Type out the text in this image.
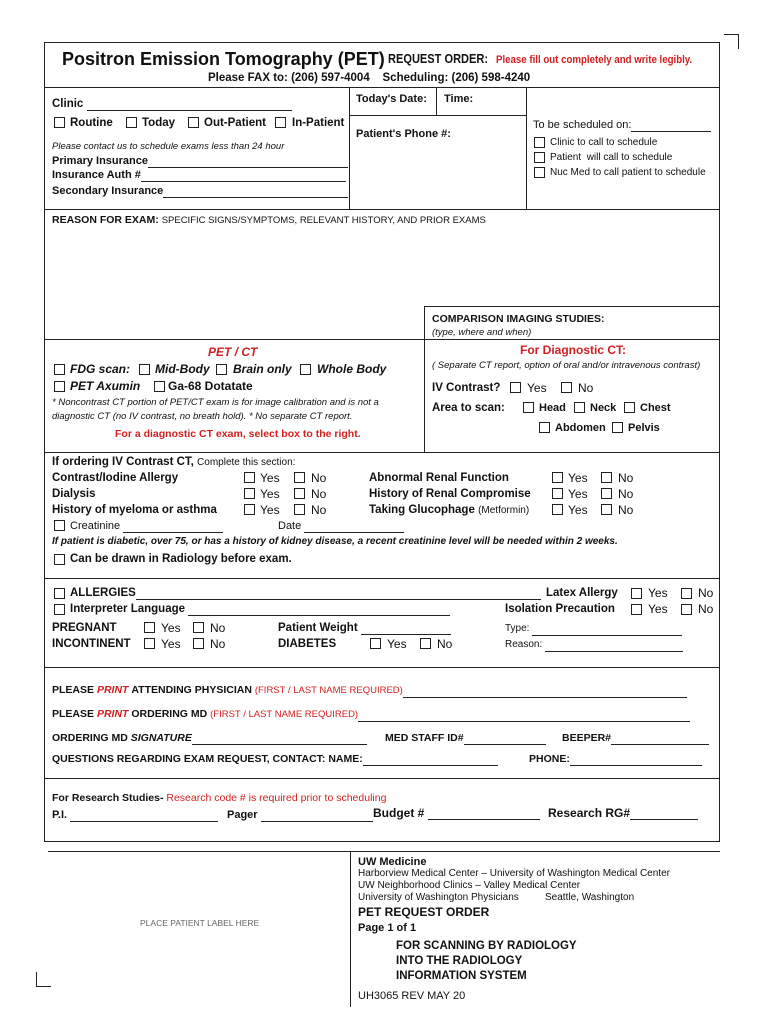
Positron Emission Tomography (PET) REQUEST ORDER: Please fill out completely and write legibly.
Please FAX to: (206) 597-4004    Scheduling: (206) 598-4240
Clinic
Routine	Today	Out-Patient In-Patient
Please contact us to schedule exams less than 24 hour
Primary Insurance
Insurance Auth #
Secondary Insurance
Today's Date: Time:
Patient's Phone #:
To be scheduled on:
Clinic to call to schedule
Patient  will call to schedule
Nuc Med to call patient to schedule
REASON FOR EXAM: SPECIFIC SIGNS/SYMPTOMS, RELEVANT HISTORY, AND PRIOR EXAMS
COMPARISON IMAGING STUDIES:
(type, where and when)
PET / CT
FDG scan: Mid-Body Brain only Whole Body
PET Axumin Ga-68 Dotatate
* Noncontrast CT portion of PET/CT exam is for image calibration and is not a
diagnostic CT (no IV contrast, no breath hold). * No separate CT report.
For a diagnostic CT exam, select box to the right.
For Diagnostic CT:
( Separate CT report, option of oral and/or intravenous contrast)
IV Contrast? Yes	No
Area to scan:	Head Neck Chest
Abdomen Pelvis
If ordering IV Contrast CT, Complete this section:
Contrast/Iodine Allergy	Yes	No
Dialysis	Yes	No
History of myeloma or asthma	Yes	No
Abnormal Renal Function	Yes	No
History of Renal Compromise	Yes	No
Taking Glucophage (Metformin)	Yes	No
Creatinine	Date
If patient is diabetic, over 75, or has a history of kidney disease, a recent creatinine level will be needed within 2 weeks.
Can be drawn in Radiology before exam.
ALLERGIES	Latex Allergy	Yes	No
Interpreter Language	Isolation Precaution	Yes	No
PREGNANT	Yes No
INCONTINENT	Yes No
Patient Weight
DIABETES	Yes	No
Type:
Reason:
PLEASE PRINT ATTENDING PHYSICIAN (FIRST / LAST NAME REQUIRED)
PLEASE PRINT ORDERING MD (FIRST / LAST NAME REQUIRED)
ORDERING MD SIGNATURE	MED STAFF ID#	BEEPER#
QUESTIONS REGARDING EXAM REQUEST, CONTACT: NAME:	PHONE:
For Research Studies- Research code # is required prior to scheduling
P.I.	Pager	Budget #	Research RG#
PLACE PATIENT LABEL HERE
UW Medicine
Harborview Medical Center – University of Washington Medical Center
UW Neighborhood Clinics – Valley Medical Center
University of Washington Physicians	Seattle, Washington
PET REQUEST ORDER
Page 1 of 1
FOR SCANNING BY RADIOLOGY
INTO THE RADIOLOGY
INFORMATION SYSTEM
UH3065 REV MAY 20
